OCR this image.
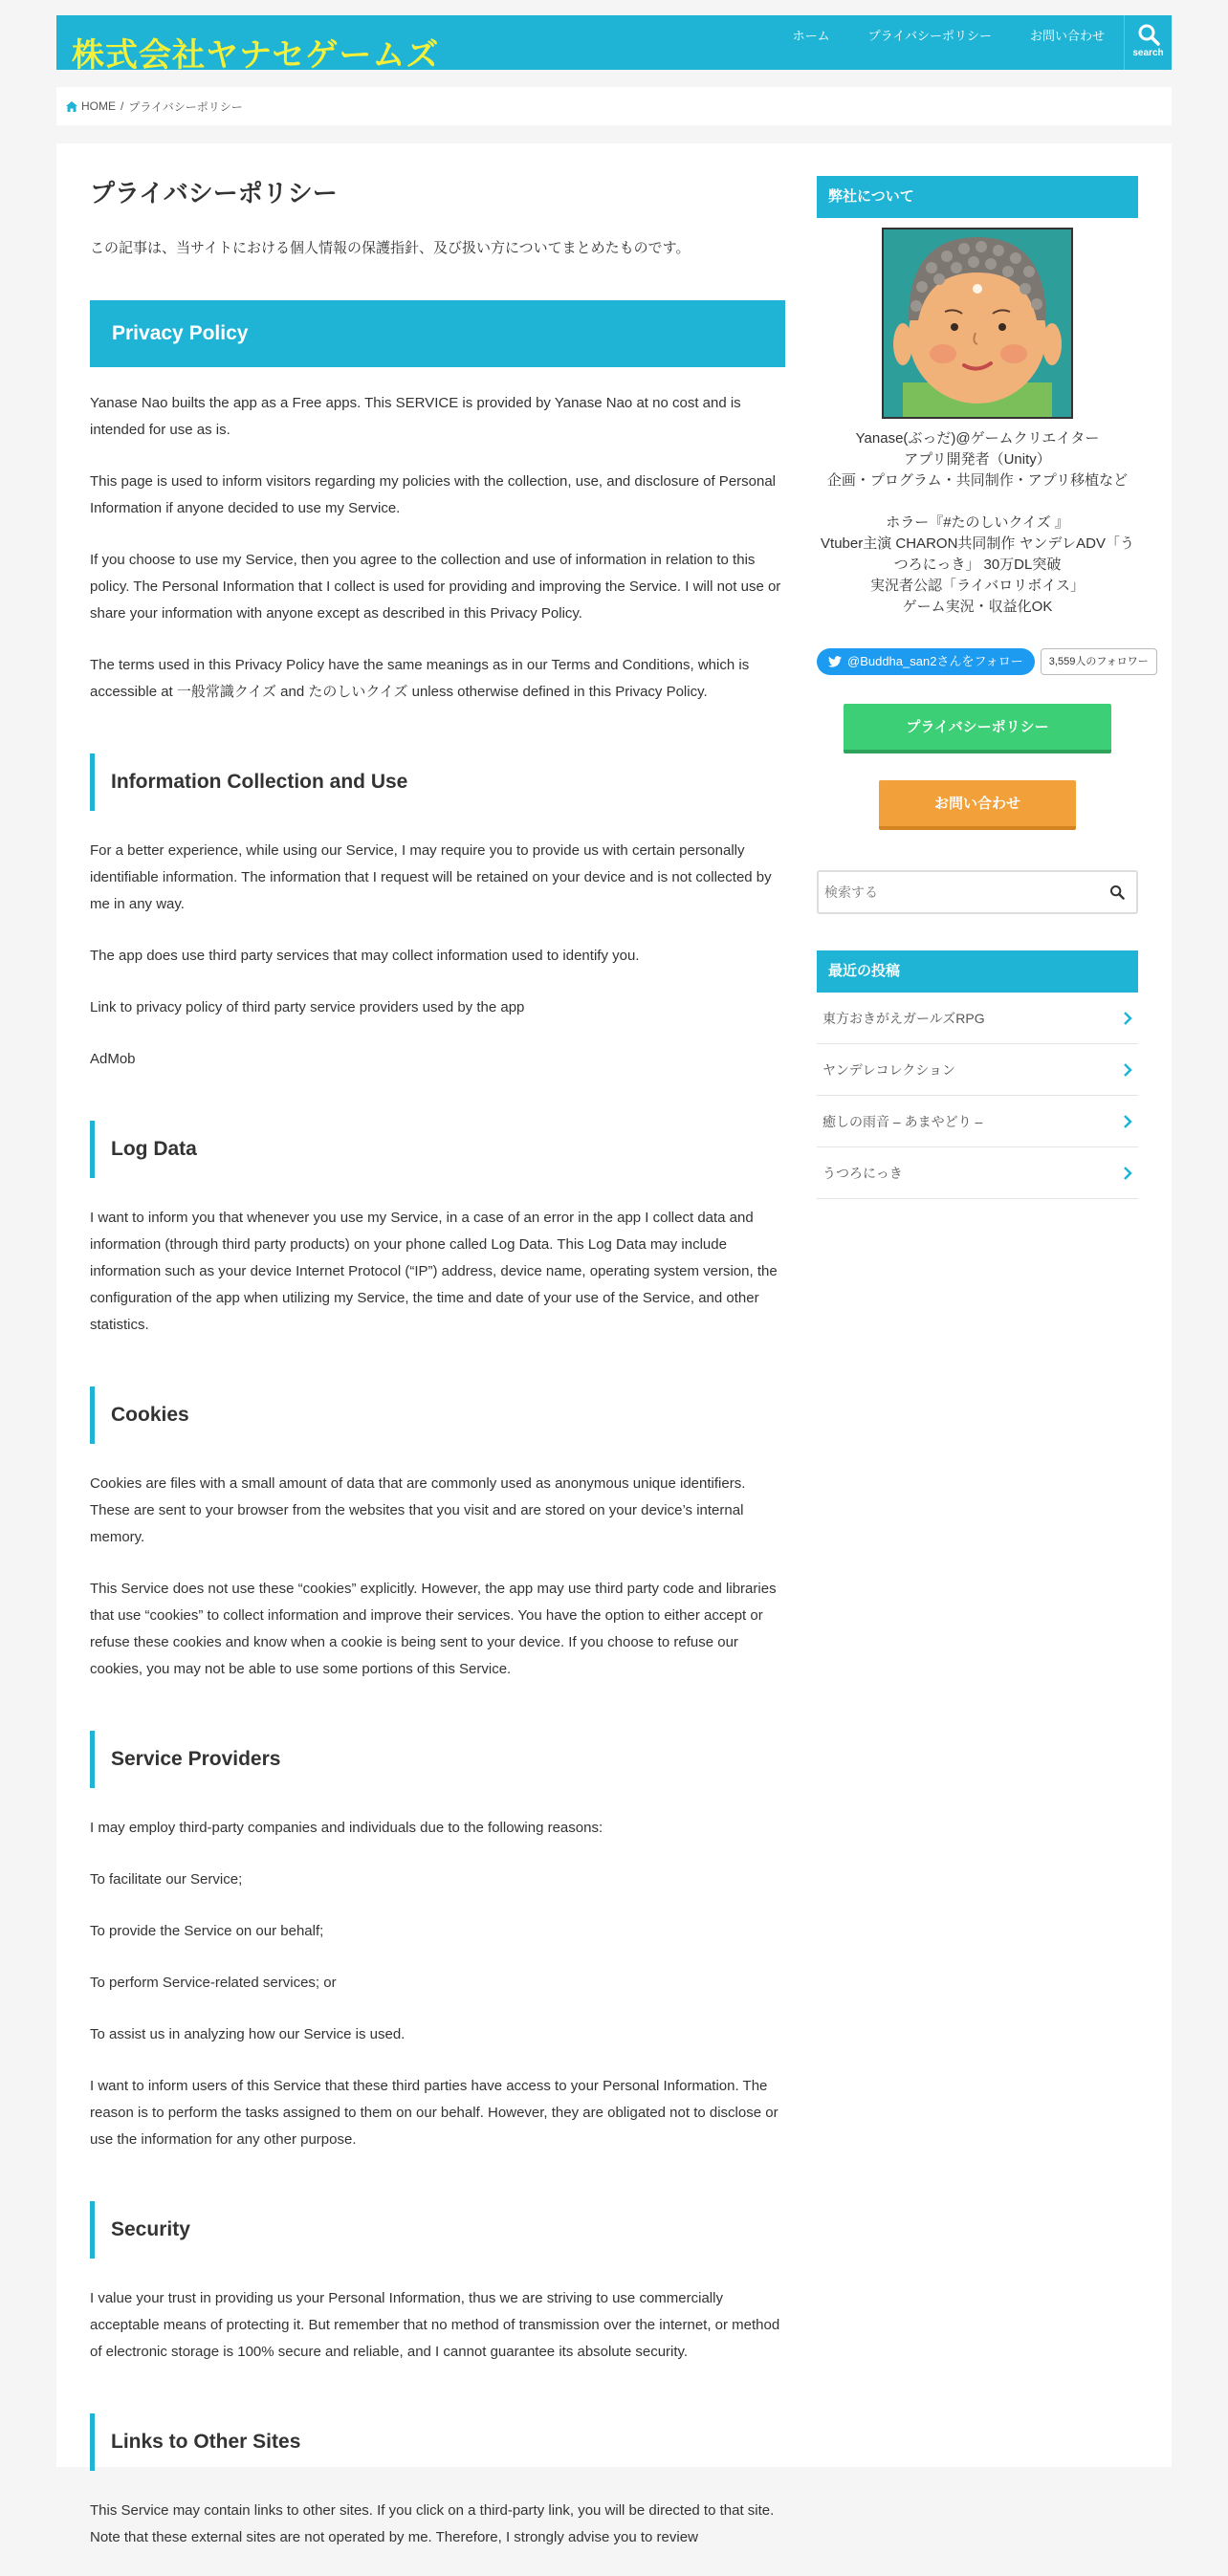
株式会社ヤナセゲームズ
ホーム	プライバシーポリシー	お問い合わせ
search
HOME / プライバシーポリシー
プライバシーポリシー
この記事は、当サイトにおける個人情報の保護指針、及び扱い方についてまとめたものです。
Privacy Policy

Yanase Nao builts the app as a Free apps. This SERVICE is provided by Yanase Nao at no cost and is intended for use as is.

This page is used to inform visitors regarding my policies with the collection, use, and disclosure of Personal Information if anyone decided to use my Service.

If you choose to use my Service, then you agree to the collection and use of information in relation to this policy. The Personal Information that I collect is used for providing and improving the Service. I will not use or share your information with anyone except as described in this Privacy Policy.

The terms used in this Privacy Policy have the same meanings as in our Terms and Conditions, which is accessible at 一般常識クイズ and たのしいクイズ unless otherwise defined in this Privacy Policy.

Information Collection and Use

For a better experience, while using our Service, I may require you to provide us with certain personally identifiable information. The information that I request will be retained on your device and is not collected by me in any way.

The app does use third party services that may collect information used to identify you.

Link to privacy policy of third party service providers used by the app

AdMob

Log Data

I want to inform you that whenever you use my Service, in a case of an error in the app I collect data and information (through third party products) on your phone called Log Data. This Log Data may include information such as your device Internet Protocol (“IP”) address, device name, operating system version, the configuration of the app when utilizing my Service, the time and date of your use of the Service, and other statistics.

Cookies

Cookies are files with a small amount of data that are commonly used as anonymous unique identifiers. These are sent to your browser from the websites that you visit and are stored on your device’s internal memory.

This Service does not use these “cookies” explicitly. However, the app may use third party code and libraries that use “cookies” to collect information and improve their services. You have the option to either accept or refuse these cookies and know when a cookie is being sent to your device. If you choose to refuse our cookies, you may not be able to use some portions of this Service.

Service Providers

I may employ third-party companies and individuals due to the following reasons:

To facilitate our Service;

To provide the Service on our behalf;

To perform Service-related services; or

To assist us in analyzing how our Service is used.

I want to inform users of this Service that these third parties have access to your Personal Information. The reason is to perform the tasks assigned to them on our behalf. However, they are obligated not to disclose or use the information for any other purpose.

Security

I value your trust in providing us your Personal Information, thus we are striving to use commercially acceptable means of protecting it. But remember that no method of transmission over the internet, or method of electronic storage is 100% secure and reliable, and I cannot guarantee its absolute security.

Links to Other Sites

This Service may contain links to other sites. If you click on a third-party link, you will be directed to that site. Note that these external sites are not operated by me. Therefore, I strongly advise you to review

弊社について
Yanase(ぶっだ)@ゲームクリエイター
アプリ開発者（Unity）
企画・プログラム・共同制作・アプリ移植など
ホラー『#たのしいクイズ 』
Vtuber主演 CHARON共同制作 ヤンデレADV「う
つろにっき」 30万DL突破
実況者公認「ライバロリボイス」
ゲーム実況・収益化OK
@Buddha_san2さんをフォロー	3,559人のフォロワー
プライバシーポリシー
お問い合わせ
検索する
最近の投稿
東方おきがえガールズRPG
ヤンデレコレクション
癒しの雨音 – あまやどり –
うつろにっき
